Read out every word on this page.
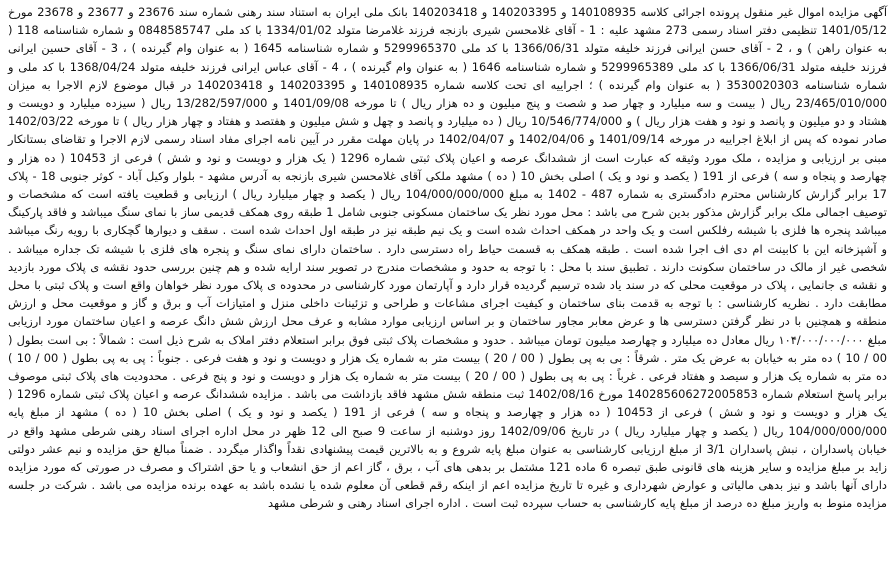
آگهی مزایده اموال غیر منقول پرونده اجرائی کلاسه 140108935 و 140203395 و 140203418 بانک ملی ایران به استناد سند رهنی شماره سند 23676 و 23677 و 23678 مورخ 1401/05/12 تنظیمی دفتر اسناد رسمی 273 مشهد علیه : 1 - آقای غلامحسن شیری بازنجه فرزند غلامرضا متولد 1334/01/02 با کد ملی 0848585747 و شماره شناسنامه 118 ( به عنوان راهن ) و ، 2 - آقای حسن ایرانی فرزند خلیفه متولد 1366/06/31 با کد ملی 5299965370 و شماره شناسنامه 1645 ( به عنوان وام گیرنده ) ، 3 - آقای حسین ایرانی فرزند خلیفه متولد 1366/06/31 با کد ملی 5299965389 و شماره شناسنامه 1646 ( به عنوان وام گیرنده ) ، 4 - آقای عباس ایرانی فرزند خلیفه متولد 1368/04/24 با کد ملی و شماره شناسنامه 3530020303 ( به عنوان وام گیرنده ) ؛ اجراییه ای تحت کلاسه شماره 140108935 و 140203395 و 140203418 در قبال موضوع لازم الاجرا به میزان 23/465/010/000 ریال ( بیست و سه میلیارد و چهار صد و شصت و پنج میلیون و ده هزار ریال ) تا مورخه 1401/09/08 و 13/282/597/000 ریال ( سیزده میلیارد و دویست و هشتاد و دو میلیون و پانصد و نود و هفت هزار ریال ) و 10/546/774/000 ریال ( ده میلیارد و پانصد و چهل و شش میلیون و هفتصد و هفتاد و چهار هزار ریال ) تا مورخه 1402/03/22 صادر نموده که پس از ابلاغ اجراییه در مورخه 1401/09/14 و 1402/04/06 و 1402/04/07 در پایان مهلت مقرر در آیین نامه اجرای مفاد اسناد رسمی لازم الاجرا و تقاضای بستانکار مبنی بر ارزیابی و مزایده ، ملک مورد وثیقه که عبارت است از ششدانگ عرصه و اعیان پلاک ثبتی شماره 1296 ( یک هزار و دویست و نود و شش ) فرعی از 10453 ( ده هزار و چهارصد و پنجاه و سه ) فرعی از 191 ( یکصد و نود و یک ) اصلی بخش 10 ( ده ) مشهد ملکی آقای غلامحسن شیری بازنجه به آدرس مشهد - بلوار وکیل آباد - کوثر جنوبی 18 - پلاک 17 برابر گزارش کارشناس محترم دادگستری به شماره 487 - 1402 به مبلغ 104/000/000/000 ریال ( یکصد و چهار میلیارد ریال ) ارزیابی و قطعیت یافته است که مشخصات و توصیف اجمالی ملک برابر گزارش مذکور بدین شرح می باشد : محل مورد نظر یک ساختمان مسکونی جنوبی شامل 1 طبقه روی همکف قدیمی ساز با نمای سنگ میباشد و فاقد پارکینگ میباشد پنجره ها فلزی با شیشه رفلکس است و یک واحد در همکف احداث شده است و یک نیم طبقه نیز در طبقه اول احداث شده است . سقف و دیوارها گچکاری با رویه رنگ میباشد و آشپزخانه این با کابینت ام دی اف اجرا شده است . طبقه همکف به قسمت حیاط راه دسترسی دارد . ساختمان دارای نمای سنگ و پنجره های فلزی با شیشه تک جداره میباشد . شخصی غیر از مالک در ساختمان سکونت دارند . تطبیق سند با محل : با توجه به حدود و مشخصات مندرج در تصویر سند ارایه شده و هم چنین بررسی حدود نقشه ی پلاک مورد بازدید و نقشه ی جانمایی ، پلاک در موقعیت محلی که در سند یاد شده ترسیم گردیده قرار دارد و آپارتمان مورد کارشناسی در محدوده ی پلاک مورد نظر خواهان واقع است و پلاک ثبتی با محل مطابقت دارد . نظریه کارشناسی : با توجه به قدمت بنای ساختمان و کیفیت اجرای مشاعات و طراحی و تزئینات داخلی منزل و امتیازات آب و برق و گاز و موقعیت محل و ارزش منطقه و همچنین با در نظر گرفتن دسترسی ها و عرض معابر مجاور ساختمان و بر اساس ارزیابی موارد مشابه و عرف محل ارزش شش دانگ عرصه و اعیان ساختمان مورد ارزیابی مبلغ ۱۰۴/۰۰۰/۰۰۰/۰۰۰ ریال معادل ده میلیارد و چهارصد میلیون تومان میباشد . حدود و مشخصات پلاک ثبتی فوق برابر استعلام دفتر املاک به شرح ذیل است : شمالاً : بی است بطول ( 00 / 10 ) ده متر به خیابان به عرض یک متر . شرقاً : بی به پی بطول ( 00 / 20 ) بیست متر به شماره یک هزار و دویست و نود و هفت فرعی . جنوباً : پی به پی بطول ( 00 / 10 ) ده متر به شماره یک هزار و سیصد و هفتاد فرعی . غرباً : پی به پی بطول ( 00 / 20 ) بیست متر به شماره یک هزار و دویست و نود و پنج فرعی . محدودیت های پلاک ثبتی موصوف برابر پاسخ استعلام شماره 140285606272005853 مورخ 1402/08/16 ثبت منطقه شش مشهد فاقد بازداشت می باشد . مزایده ششدانگ عرصه و اعیان پلاک ثبتی شماره 1296 ( یک هزار و دویست و نود و شش ) فرعی از 10453 ( ده هزار و چهارصد و پنجاه و سه ) فرعی از 191 ( یکصد و نود و یک ) اصلی بخش 10 ( ده ) مشهد از مبلغ پایه 104/000/000/000 ریال ( یکصد و چهار میلیارد ریال ) در تاریخ 1402/09/06 روز دوشنبه از ساعت 9 صبح الی 12 ظهر در محل اداره اجرای اسناد رهنی شرطی مشهد واقع در خیابان پاسداران ، نبش پاسداران 3/1 از مبلغ ارزیابی کارشناسی به عنوان مبلغ پایه شروع و به بالاترین قیمت پیشنهادی نقداً واگذار میگردد . ضمناً مبالغ حق مزایده و نیم عشر دولتی زاید بر مبلغ مزایده و سایر هزینه های قانونی طبق تبصره 6 ماده 121 مشتمل بر بدهی های آب ، برق ، گاز اعم از حق انشعاب و یا حق اشتراک و مصرف در صورتی که مورد مزایده دارای آنها باشد و نیز بدهی مالیاتی و عوارض شهرداری و غیره تا تاریخ مزایده اعم از اینکه رقم قطعی آن معلوم شده یا نشده باشد به عهده برنده مزایده می باشد . شرکت در جلسه مزایده منوط به واریز مبلغ ده درصد از مبلغ پایه کارشناسی به حساب سپرده ثبت است . اداره اجرای اسناد رهنی و شرطی مشهد
